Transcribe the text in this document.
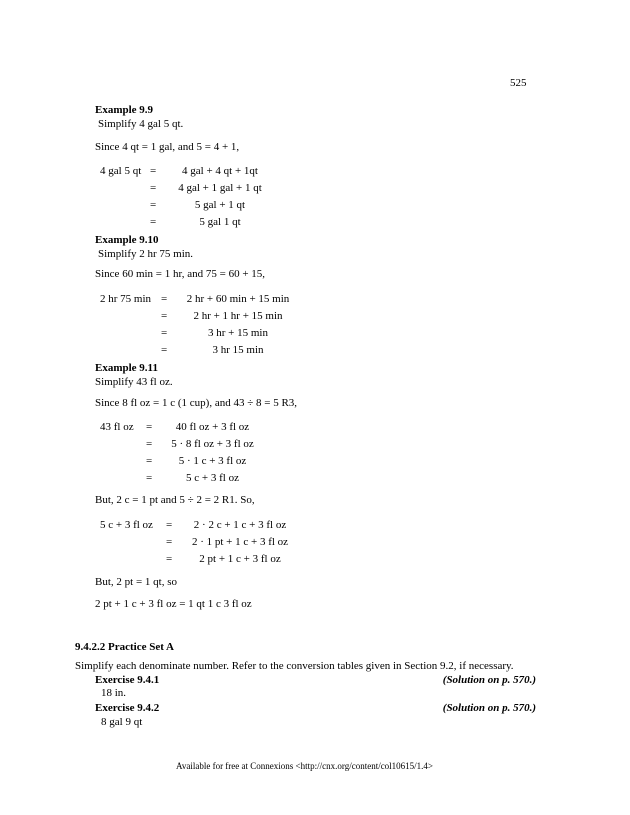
525
Example 9.9
Simplify 4 gal 5 qt.
Since 4 qt = 1 gal, and 5 = 4 + 1,
4 gal 5 qt =	4 gal + 4 qt + 1qt
=	4 gal + 1 gal + 1 qt
=	5 gal + 1 qt
=	5 gal 1 qt
Example 9.10
Simplify 2 hr 75 min.
Since 60 min = 1 hr, and 75 = 60 + 15,
2 hr 75 min =	2 hr + 60 min + 15 min
=	2 hr + 1 hr + 15 min
=	3 hr + 15 min
=	3 hr 15 min
Example 9.11
Simplify 43 fl oz.
Since 8 fl oz = 1 c (1 cup), and 43 ÷ 8 = 5 R3,
43 fl oz =	40 fl oz + 3 fl oz
=	5 · 8 fl oz + 3 fl oz
=	5 · 1 c + 3 fl oz
=	5 c + 3 fl oz
But, 2 c = 1 pt and 5 ÷ 2 = 2 R1. So,
5 c + 3 fl oz =	2 · 2 c + 1 c + 3 fl oz
=	2 · 1 pt + 1 c + 3 fl oz
=	2 pt + 1 c + 3 fl oz
But, 2 pt = 1 qt, so
2 pt + 1 c + 3 fl oz = 1 qt 1 c 3 fl oz
9.4.2.2 Practice Set A
Simplify each denominate number. Refer to the conversion tables given in Section 9.2, if necessary.
Exercise 9.4.1	(Solution on p. 570.)
18 in.
Exercise 9.4.2	(Solution on p. 570.)
8 gal 9 qt
Available for free at Connexions <http://cnx.org/content/col10615/1.4>
